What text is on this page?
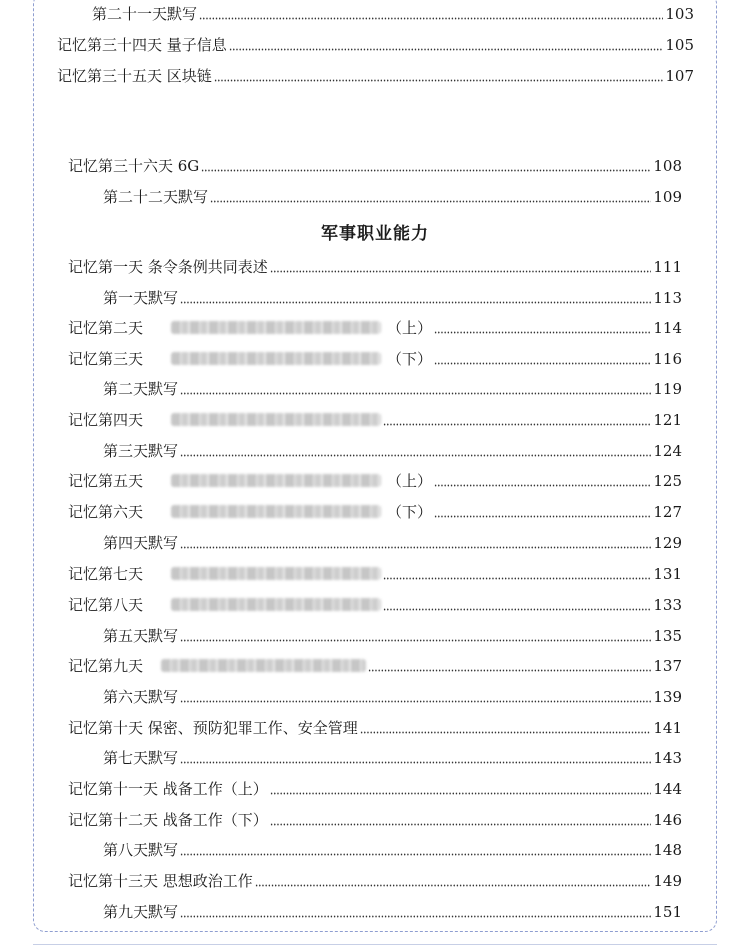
第二十一天默写	103
记忆第三十四天 量子信息	105
记忆第三十五天 区块链	107
记忆第三十六天 6G	108
第二十二天默写	109
军事职业能力
记忆第一天 条令条例共同表述	111
第一天默写	113
记忆第二天	（上）	114
记忆第三天	（下）	116
第二天默写	119
记忆第四天	121
第三天默写	124
记忆第五天	（上）	125
记忆第六天	（下）	127
第四天默写	129
记忆第七天	131
记忆第八天	133
第五天默写	135
记忆第九天	137
第六天默写	139
记忆第十天 保密、预防犯罪工作、安全管理	141
第七天默写	143
记忆第十一天 战备工作（上）	144
记忆第十二天 战备工作（下）	146
第八天默写	148
记忆第十三天 思想政治工作	149
第九天默写	151
